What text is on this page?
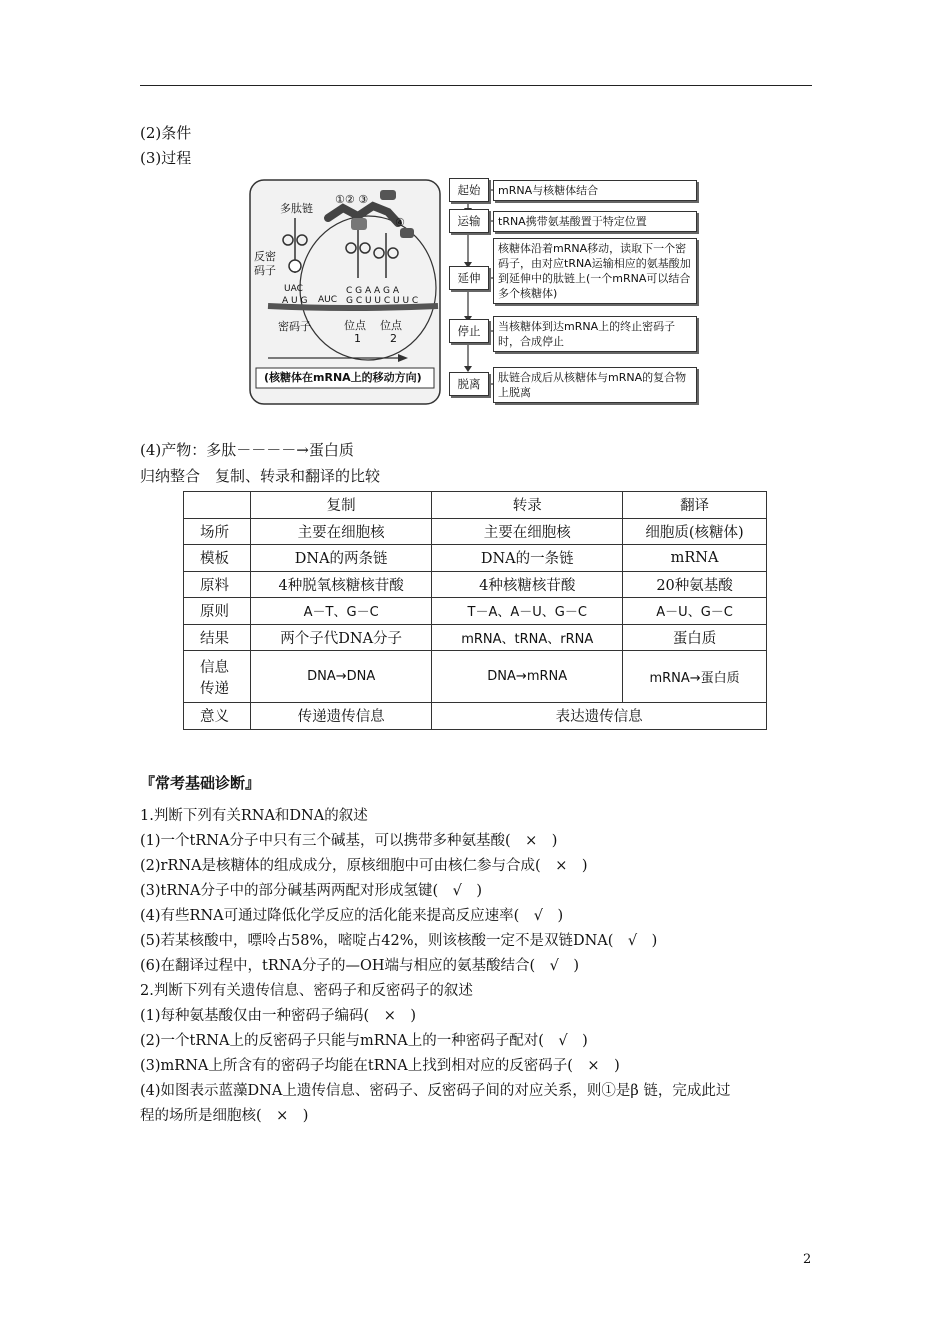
(2)条件
(3)过程
多肽链
①② ③
④
反密
码子
UAC
AUC
A U G
C G A A G A
G C U U C U U C
密码子	位点
1
位点
2
(核糖体在mRNA上的移动方向)
起始	mRNA与核糖体结合
运输	tRNA携带氨基酸置于特定位置
延伸
核糖体沿着mRNA移动，读取下一个密码子，由对应tRNA运输相应的氨基酸加到延伸中的肽链上(一个mRNA可以结合多个核糖体)
停止	当核糖体到达mRNA上的终止密码子时，合成停止
脱离	肽链合成后从核糖体与mRNA的复合物上脱离
(4)产物：多肽－－－－→蛋白质
归纳整合　复制、转录和翻译的比较
	复制	转录	翻译
场所	主要在细胞核	主要在细胞核	细胞质(核糖体)
模板	DNA的两条链	DNA的一条链	mRNA
原料	4种脱氧核糖核苷酸	4种核糖核苷酸	20种氨基酸
原则	A－T、G－C	T－A、A－U、G－C	A－U、G－C
结果	两个子代DNA分子	mRNA、tRNA、rRNA	蛋白质
信息
传递	DNA→DNA	DNA→mRNA	mRNA→蛋白质
意义	传递遗传信息	表达遗传信息	
『常考基础诊断』
1.判断下列有关RNA和DNA的叙述
(1)一个tRNA分子中只有三个碱基，可以携带多种氨基酸(　×　)
(2)rRNA是核糖体的组成成分，原核细胞中可由核仁参与合成(　×　)
(3)tRNA分子中的部分碱基两两配对形成氢键(　√　)
(4)有些RNA可通过降低化学反应的活化能来提高反应速率(　√　)
(5)若某核酸中，嘌呤占58%，嘧啶占42%，则该核酸一定不是双链DNA(　√　)
(6)在翻译过程中，tRNA分子的—OH端与相应的氨基酸结合(　√　)
2.判断下列有关遗传信息、密码子和反密码子的叙述
(1)每种氨基酸仅由一种密码子编码(　×　)
(2)一个tRNA上的反密码子只能与mRNA上的一种密码子配对(　√　)
(3)mRNA上所含有的密码子均能在tRNA上找到相对应的反密码子(　×　)
(4)如图表示蓝藻DNA上遗传信息、密码子、反密码子间的对应关系，则①是β 链，完成此过
程的场所是细胞核(　×　)
2
